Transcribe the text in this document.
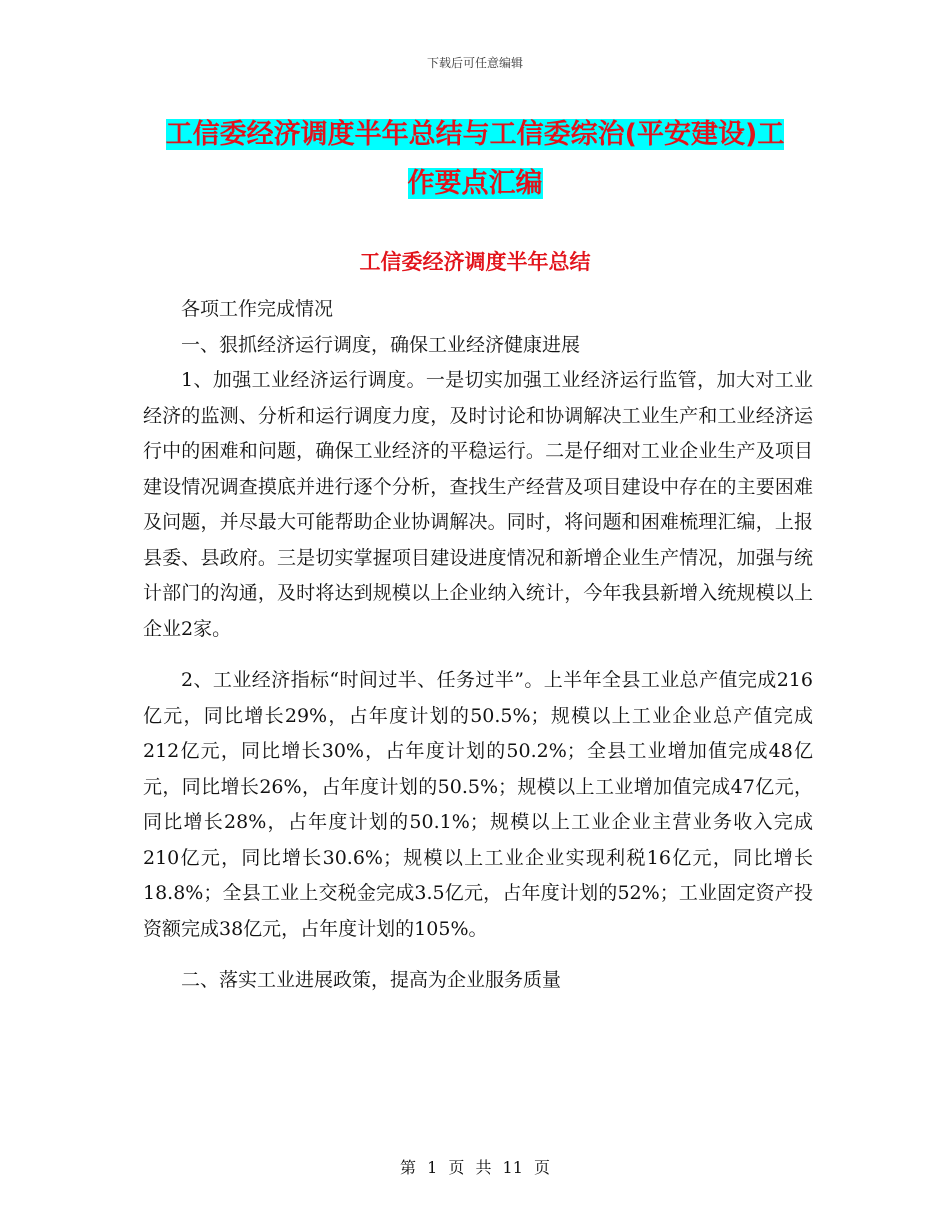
下载后可任意编辑
工信委经济调度半年总结与工信委综治(平安建设)工
作要点汇编
工信委经济调度半年总结

各项工作完成情况

一、狠抓经济运行调度，确保工业经济健康进展

1、加强工业经济运行调度。一是切实加强工业经济运行监管，加大对工业经济的监测、分析和运行调度力度，及时讨论和协调解决工业生产和工业经济运行中的困难和问题，确保工业经济的平稳运行。二是仔细对工业企业生产及项目建设情况调查摸底并进行逐个分析，查找生产经营及项目建设中存在的主要困难及问题，并尽最大可能帮助企业协调解决。同时，将问题和困难梳理汇编，上报县委、县政府。三是切实掌握项目建设进度情况和新增企业生产情况，加强与统计部门的沟通，及时将达到规模以上企业纳入统计，今年我县新增入统规模以上企业2家。

2、工业经济指标“时间过半、任务过半”。上半年全县工业总产值完成216亿元，同比增长29%，占年度计划的50.5%；规模以上工业企业总产值完成212亿元，同比增长30%，占年度计划的50.2%；全县工业增加值完成48亿元，同比增长26%，占年度计划的50.5%；规模以上工业增加值完成47亿元，同比增长28%，占年度计划的50.1%；规模以上工业企业主营业务收入完成210亿元，同比增长30.6%；规模以上工业企业实现利税16亿元，同比增长18.8%；全县工业上交税金完成3.5亿元，占年度计划的52%；工业固定资产投资额完成38亿元，占年度计划的105%。

二、落实工业进展政策，提高为企业服务质量

第 1 页 共 11 页
